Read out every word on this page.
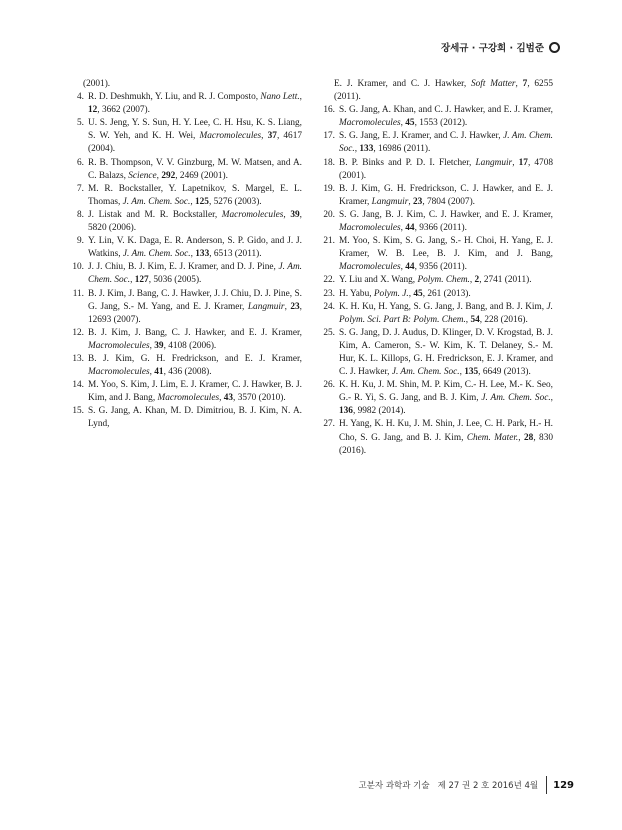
장세규 · 구강희 · 김범준
(2001).
4. R. D. Deshmukh, Y. Liu, and R. J. Composto, Nano Lett., 12, 3662 (2007).
5. U. S. Jeng, Y. S. Sun, H. Y. Lee, C. H. Hsu, K. S. Liang, S. W. Yeh, and K. H. Wei, Macromolecules, 37, 4617 (2004).
6. R. B. Thompson, V. V. Ginzburg, M. W. Matsen, and A. C. Balazs, Science, 292, 2469 (2001).
7. M. R. Bockstaller, Y. Lapetnikov, S. Margel, E. L. Thomas, J. Am. Chem. Soc., 125, 5276 (2003).
8. J. Listak and M. R. Bockstaller, Macromolecules, 39, 5820 (2006).
9. Y. Lin, V. K. Daga, E. R. Anderson, S. P. Gido, and J. J. Watkins, J. Am. Chem. Soc., 133, 6513 (2011).
10. J. J. Chiu, B. J. Kim, E. J. Kramer, and D. J. Pine, J. Am. Chem. Soc., 127, 5036 (2005).
11. B. J. Kim, J. Bang, C. J. Hawker, J. J. Chiu, D. J. Pine, S. G. Jang, S.- M. Yang, and E. J. Kramer, Langmuir, 23, 12693 (2007).
12. B. J. Kim, J. Bang, C. J. Hawker, and E. J. Kramer, Macromolecules, 39, 4108 (2006).
13. B. J. Kim, G. H. Fredrickson, and E. J. Kramer, Macromolecules, 41, 436 (2008).
14. M. Yoo, S. Kim, J. Lim, E. J. Kramer, C. J. Hawker, B. J. Kim, and J. Bang, Macromolecules, 43, 3570 (2010).
15. S. G. Jang, A. Khan, M. D. Dimitriou, B. J. Kim, N. A. Lynd,
E. J. Kramer, and C. J. Hawker, Soft Matter, 7, 6255 (2011).
16. S. G. Jang, A. Khan, and C. J. Hawker, and E. J. Kramer, Macromolecules, 45, 1553 (2012).
17. S. G. Jang, E. J. Kramer, and C. J. Hawker, J. Am. Chem. Soc., 133, 16986 (2011).
18. B. P. Binks and P. D. I. Fletcher, Langmuir, 17, 4708 (2001).
19. B. J. Kim, G. H. Fredrickson, C. J. Hawker, and E. J. Kramer, Langmuir, 23, 7804 (2007).
20. S. G. Jang, B. J. Kim, C. J. Hawker, and E. J. Kramer, Macromolecules, 44, 9366 (2011).
21. M. Yoo, S. Kim, S. G. Jang, S.- H. Choi, H. Yang, E. J. Kramer, W. B. Lee, B. J. Kim, and J. Bang, Macromolecules, 44, 9356 (2011).
22. Y. Liu and X. Wang, Polym. Chem., 2, 2741 (2011).
23. H. Yabu, Polym. J., 45, 261 (2013).
24. K. H. Ku, H. Yang, S. G. Jang, J. Bang, and B. J. Kim, J. Polym. Sci. Part B: Polym. Chem., 54, 228 (2016).
25. S. G. Jang, D. J. Audus, D. Klinger, D. V. Krogstad, B. J. Kim, A. Cameron, S.- W. Kim, K. T. Delaney, S.- M. Hur, K. L. Killops, G. H. Fredrickson, E. J. Kramer, and C. J. Hawker, J. Am. Chem. Soc., 135, 6649 (2013).
26. K. H. Ku, J. M. Shin, M. P. Kim, C.- H. Lee, M.- K. Seo, G.- R. Yi, S. G. Jang, and B. J. Kim, J. Am. Chem. Soc., 136, 9982 (2014).
27. H. Yang, K. H. Ku, J. M. Shin, J. Lee, C. H. Park, H.- H. Cho, S. G. Jang, and B. J. Kim, Chem. Mater., 28, 830 (2016).
고분자 과학과 기술 제 27 권 2 호 2016년 4월 129
